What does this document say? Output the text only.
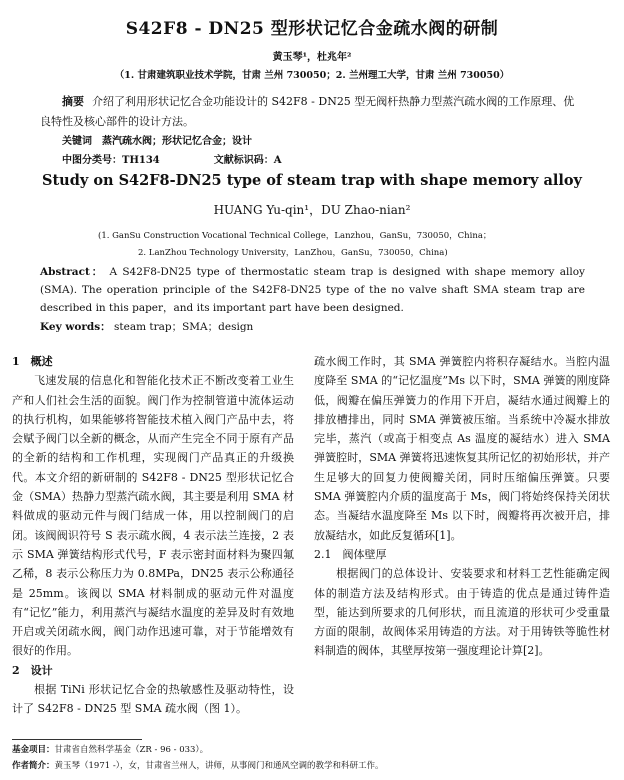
S42F8 - DN25 型形状记忆合金疏水阀的研制
黄玉琴¹，杜兆年²
（1. 甘肃建筑职业技术学院，甘肃 兰州 730050；2. 兰州理工大学，甘肃 兰州 730050）
摘要 介绍了利用形状记忆合金功能设计的 S42F8 - DN25 型无阀杆热静力型蒸汽疏水阀的工作原理、优良特性及核心部件的设计方法。
关键词　 蒸汽疏水阀；形状记忆合金；设计
中图分类号：TH134	文献标识码：A
Study on S42F8-DN25 type of steam trap with shape memory alloy
HUANG Yu-qin¹，DU Zhao-nian²
(1. GanSu Construction Vocational Technical College，Lanzhou，GanSu，730050，China；
2. LanZhou Technology University，LanZhou，GanSu，730050，China)
Abstract： A S42F8-DN25 type of thermostatic steam trap is designed with shape memory alloy (SMA). The operation principle of the S42F8-DN25 type of the no valve shaft SMA steam trap are described in this paper，and its important part have been designed.
Key words： steam trap；SMA；design

1　概述

飞速发展的信息化和智能化技术正不断改变着工业生产和人们社会生活的面貌。阀门作为控制管道中流体运动的执行机构，如果能够将智能技术植入阀门产品中去，将会赋予阀门以全新的概念，从而产生完全不同于原有产品的全新的结构和工作机理，实现阀门产品真正的升级换代。本文介绍的新研制的 S42F8 - DN25 型形状记忆合金（SMA）热静力型蒸汽疏水阀，其主要是利用 SMA 材料做成的驱动元件与阀门结成一体，用以控制阀门的启闭。该阀阀识符号 S 表示疏水阀，4 表示法兰连接，2 表示 SMA 弹簧结构形式代号，F 表示密封面材料为聚四氟乙稀，8 表示公称压力为 0.8MPa，DN25 表示公称通径是 25mm。该阀以 SMA 材料制成的驱动元件对温度有“记忆”能力，利用蒸汽与凝结水温度的差异及时有效地开启或关闭疏水阀，阀门动作迅速可靠，对于节能增效有很好的作用。

2　设计

根据 TiNi 形状记忆合金的热敏感性及驱动特性，设计了 S42F8 - DN25 型 SMA 疏水阀（图 1）。

疏水阀工作时，其 SMA 弹簧腔内将积存凝结水。当腔内温度降至 SMA 的“记忆温度”Ms 以下时，SMA 弹簧的刚度降低，阀瓣在偏压弹簧力的作用下开启，凝结水通过阀瓣上的排放槽排出，同时 SMA 弹簧被压缩。当系统中冷凝水排放完毕，蒸汽（或高于相变点 As 温度的凝结水）进入 SMA 弹簧腔时，SMA 弹簧将迅速恢复其所记忆的初始形状，并产生足够大的回复力使阀瓣关闭，同时压缩偏压弹簧。只要 SMA 弹簧腔内介质的温度高于 Ms，阀门将始终保持关闭状态。当凝结水温度降至 Ms 以下时，阀瓣将再次被开启，排放凝结水，如此反复循环[1]。

2.1　阀体壁厚

根据阀门的总体设计、安装要求和材料工艺性能确定阀体的制造方法及结构形式。由于铸造的优点是通过铸件造型，能达到所要求的几何形状，而且流道的形状可少受重量方面的限制，故阀体采用铸造的方法。对于用铸铁等脆性材料制造的阀体，其壁厚按第一强度理论计算[2]。

基金项目：甘肃省自然科学基金（ZR - 96 - 033）。
作者简介：黄玉琴（1971 -），女，甘肃省兰州人，讲师，从事阀门和通风空调的教学和科研工作。
